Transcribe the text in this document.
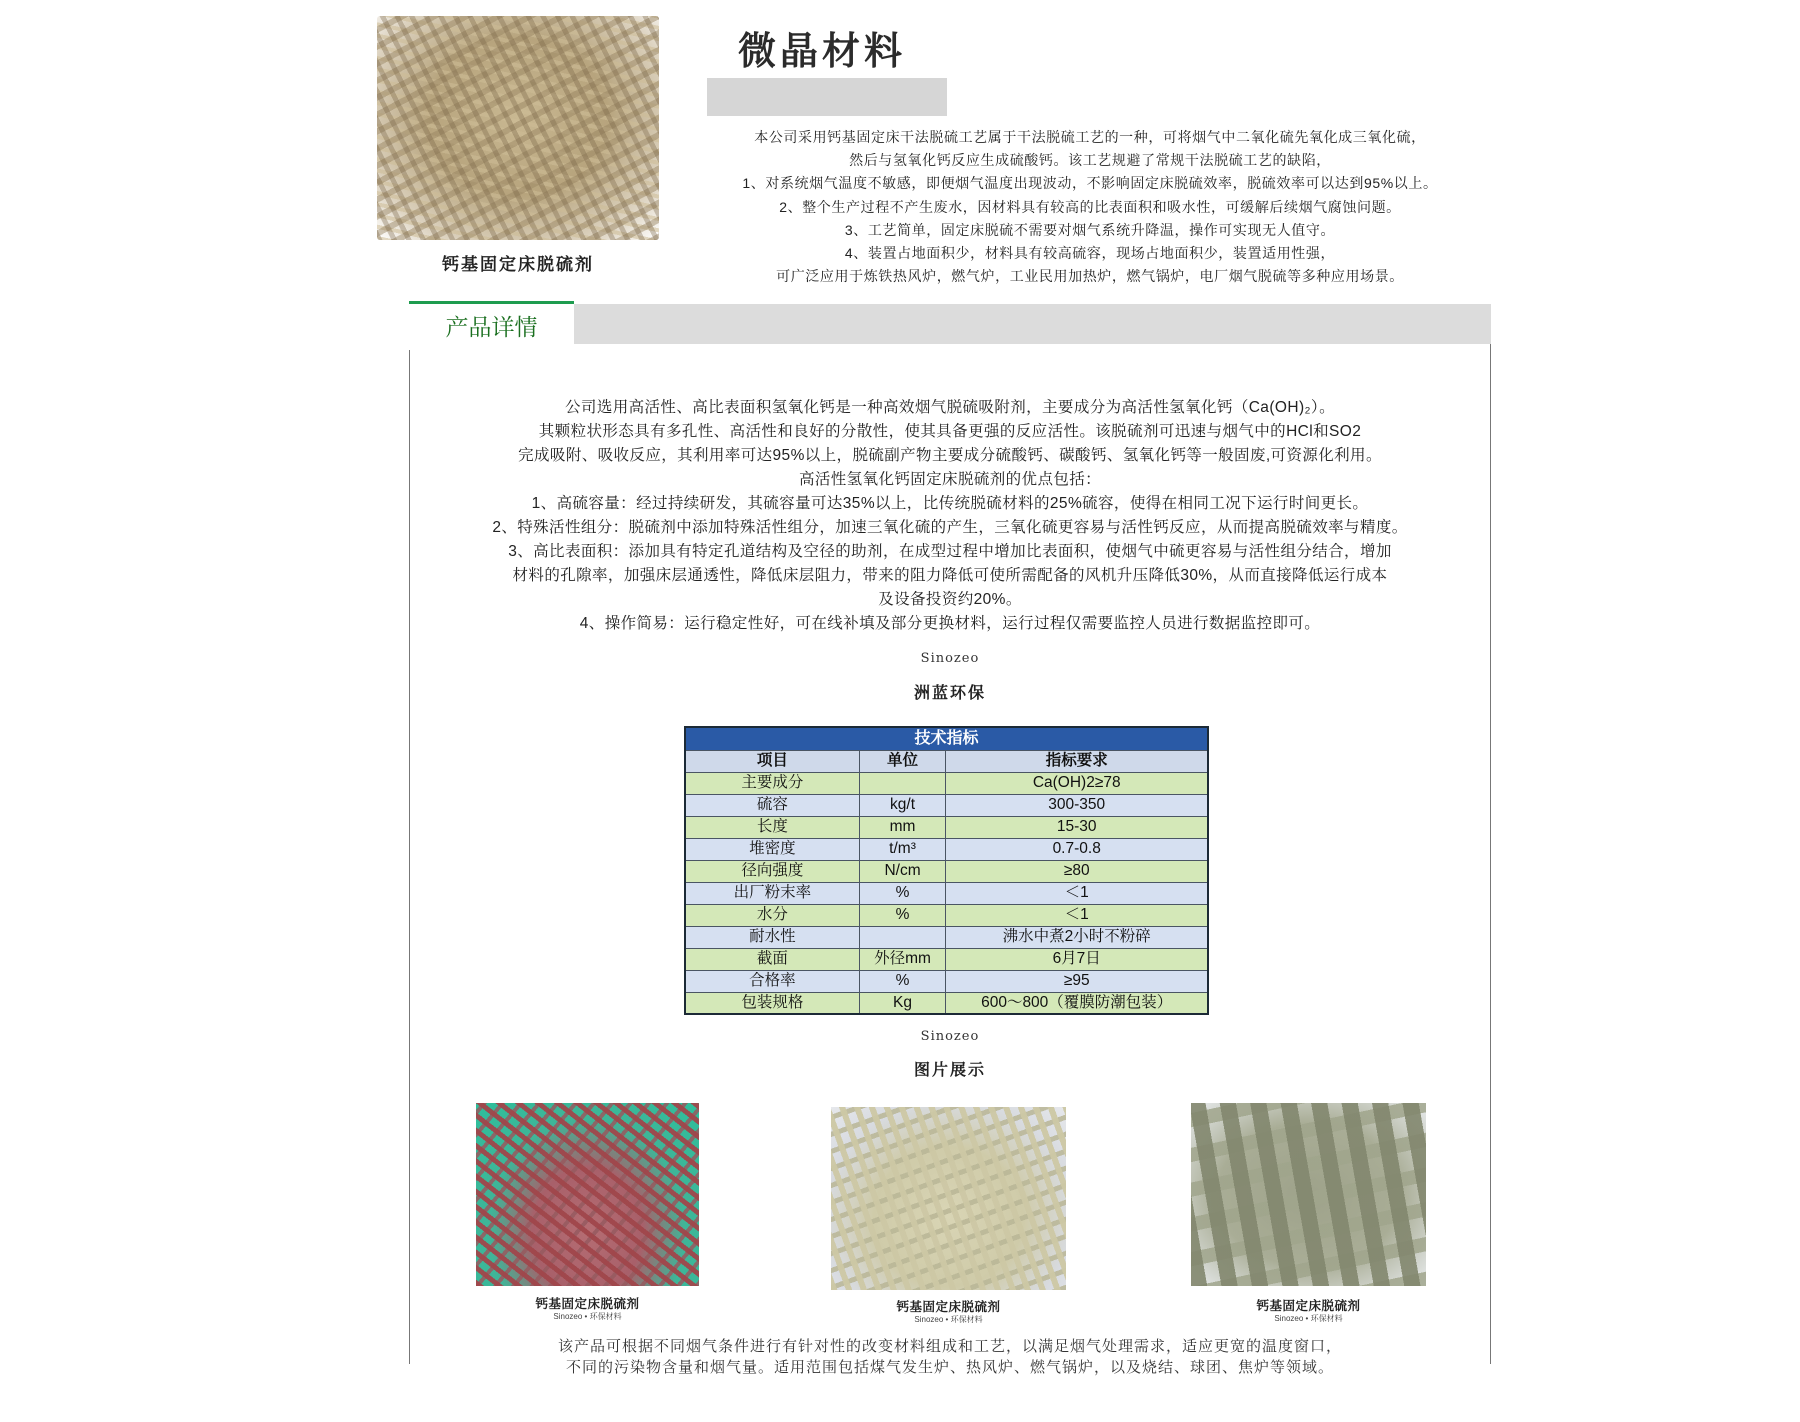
钙基固定床脱硫剂
微晶材料
本公司采用钙基固定床干法脱硫工艺属于干法脱硫工艺的一种，可将烟气中二氧化硫先氧化成三氧化硫，
然后与氢氧化钙反应生成硫酸钙。该工艺规避了常规干法脱硫工艺的缺陷，
1、对系统烟气温度不敏感，即便烟气温度出现波动，不影响固定床脱硫效率，脱硫效率可以达到95%以上。
2、整个生产过程不产生废水，因材料具有较高的比表面积和吸水性，可缓解后续烟气腐蚀问题。
3、工艺简单，固定床脱硫不需要对烟气系统升降温，操作可实现无人值守。
4、装置占地面积少，材料具有较高硫容，现场占地面积少，装置适用性强，
可广泛应用于炼铁热风炉，燃气炉，工业民用加热炉，燃气锅炉，电厂烟气脱硫等多种应用场景。
产品详情
公司选用高活性、高比表面积氢氧化钙是一种高效烟气脱硫吸附剂，主要成分为高活性氢氧化钙（Ca(OH)₂）。
其颗粒状形态具有多孔性、高活性和良好的分散性，使其具备更强的反应活性。该脱硫剂可迅速与烟气中的HCl和SO2
完成吸附、吸收反应，其利用率可达95%以上，脱硫副产物主要成分硫酸钙、碳酸钙、氢氧化钙等一般固废,可资源化利用。
高活性氢氧化钙固定床脱硫剂的优点包括：
1、高硫容量：经过持续研发，其硫容量可达35%以上，比传统脱硫材料的25%硫容，使得在相同工况下运行时间更长。
2、特殊活性组分：脱硫剂中添加特殊活性组分，加速三氧化硫的产生，三氧化硫更容易与活性钙反应，从而提高脱硫效率与精度。
3、高比表面积：添加具有特定孔道结构及空径的助剂，在成型过程中增加比表面积，使烟气中硫更容易与活性组分结合，增加
材料的孔隙率，加强床层通透性，降低床层阻力，带来的阻力降低可使所需配备的风机升压降低30%，从而直接降低运行成本
及设备投资约20%。
4、操作简易：运行稳定性好，可在线补填及部分更换材料，运行过程仅需要监控人员进行数据监控即可。
Sinozeo
洲蓝环保
技术指标		
项目	单位	指标要求
主要成分		Ca(OH)2≥78
硫容	kg/t	300-350
长度	mm	15-30
堆密度	t/m³	0.7-0.8
径向强度	N/cm	≥80
出厂粉末率	%	＜1
水分	%	＜1
耐水性		沸水中煮2小时不粉碎
截面	外径mm	6月7日
合格率	%	≥95
包装规格	Kg	600～800（覆膜防潮包装）
Sinozeo
图片展示
钙基固定床脱硫剂
Sinozeo • 环保材料
钙基固定床脱硫剂
Sinozeo • 环保材料
钙基固定床脱硫剂
Sinozeo • 环保材料
该产品可根据不同烟气条件进行有针对性的改变材料组成和工艺，以满足烟气处理需求，适应更宽的温度窗口，
不同的污染物含量和烟气量。适用范围包括煤气发生炉、热风炉、燃气锅炉，以及烧结、球团、焦炉等领域。
